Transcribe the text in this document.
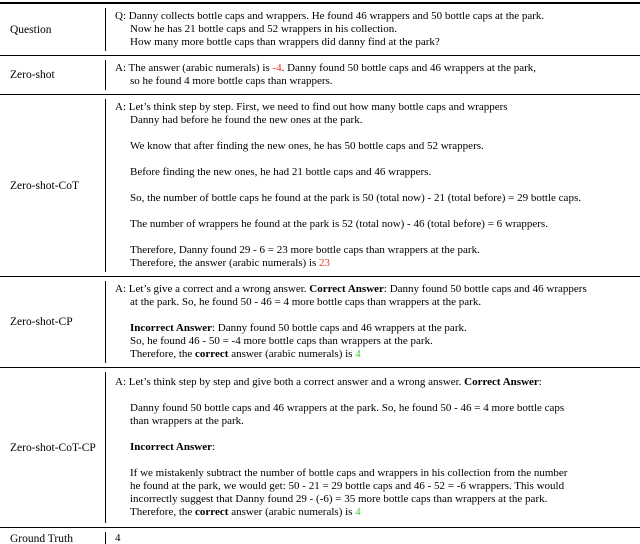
Question
Q: Danny collects bottle caps and wrappers. He found 46 wrappers and 50 bottle caps at the park.
Now he has 21 bottle caps and 52 wrappers in his collection.
How many more bottle caps than wrappers did danny find at the park?
Zero-shot
A: The answer (arabic numerals) is -4. Danny found 50 bottle caps and 46 wrappers at the park,
so he found 4 more bottle caps than wrappers.
Zero-shot-CoT
A: Let’s think step by step. First, we need to find out how many bottle caps and wrappers
Danny had before he found the new ones at the park.
We know that after finding the new ones, he has 50 bottle caps and 52 wrappers.
Before finding the new ones, he had 21 bottle caps and 46 wrappers.
So, the number of bottle caps he found at the park is 50 (total now) - 21 (total before) = 29 bottle caps.
The number of wrappers he found at the park is 52 (total now) - 46 (total before) = 6 wrappers.
Therefore, Danny found 29 - 6 = 23 more bottle caps than wrappers at the park.
Therefore, the answer (arabic numerals) is 23
Zero-shot-CP
A: Let’s give a correct and a wrong answer. Correct Answer: Danny found 50 bottle caps and 46 wrappers
at the park. So, he found 50 - 46 = 4 more bottle caps than wrappers at the park.
Incorrect Answer: Danny found 50 bottle caps and 46 wrappers at the park.
So, he found 46 - 50 = -4 more bottle caps than wrappers at the park.
Therefore, the correct answer (arabic numerals) is 4
Zero-shot-CoT-CP
A: Let’s think step by step and give both a correct answer and a wrong answer. Correct Answer:
Danny found 50 bottle caps and 46 wrappers at the park. So, he found 50 - 46 = 4 more bottle caps
than wrappers at the park.
Incorrect Answer:
If we mistakenly subtract the number of bottle caps and wrappers in his collection from the number
he found at the park, we would get: 50 - 21 = 29 bottle caps and 46 - 52 = -6 wrappers. This would
incorrectly suggest that Danny found 29 - (-6) = 35 more bottle caps than wrappers at the park.
Therefore, the correct answer (arabic numerals) is 4
Ground Truth	4
